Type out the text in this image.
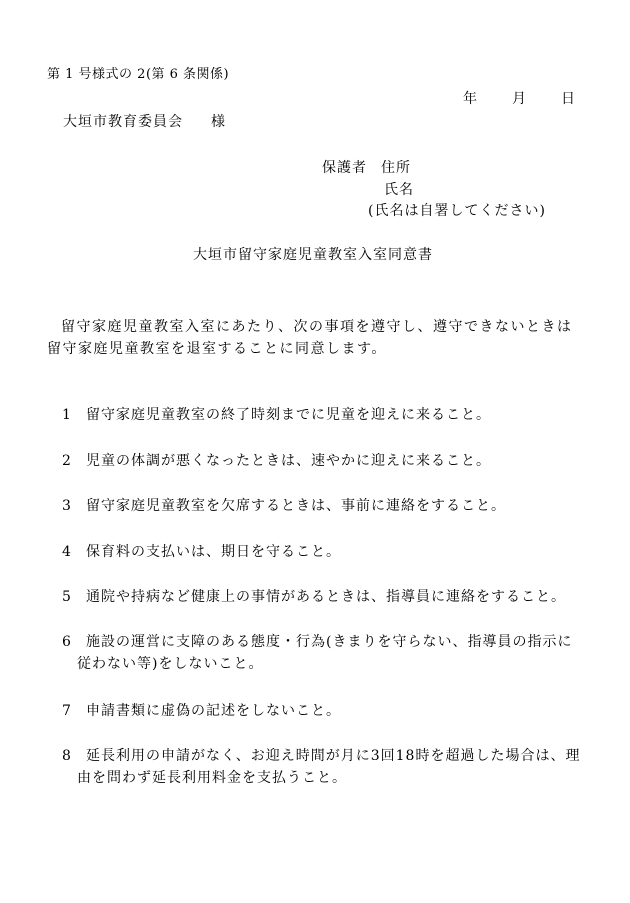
第 1 号様式の 2(第 6 条関係)
年 月 日
大垣市教育委員会 様
保護者 住所
氏名
(氏名は自署してください)
大垣市留守家庭児童教室入室同意書
留守家庭児童教室入室にあたり、次の事項を遵守し、遵守できないときは留守家庭児童教室を退室することに同意します。
1	留守家庭児童教室の終了時刻までに児童を迎えに来ること。
2	児童の体調が悪くなったときは、速やかに迎えに来ること。
3	留守家庭児童教室を欠席するときは、事前に連絡をすること。
4	保育料の支払いは、期日を守ること。
5	通院や持病など健康上の事情があるときは、指導員に連絡をすること。
6	施設の運営に支障のある態度・行為(きまりを守らない、指導員の指示に従わない等)をしないこと。
7	申請書類に虚偽の記述をしないこと。
8	延長利用の申請がなく、お迎え時間が月に3回18時を超過した場合は、理由を問わず延長利用料金を支払うこと。
